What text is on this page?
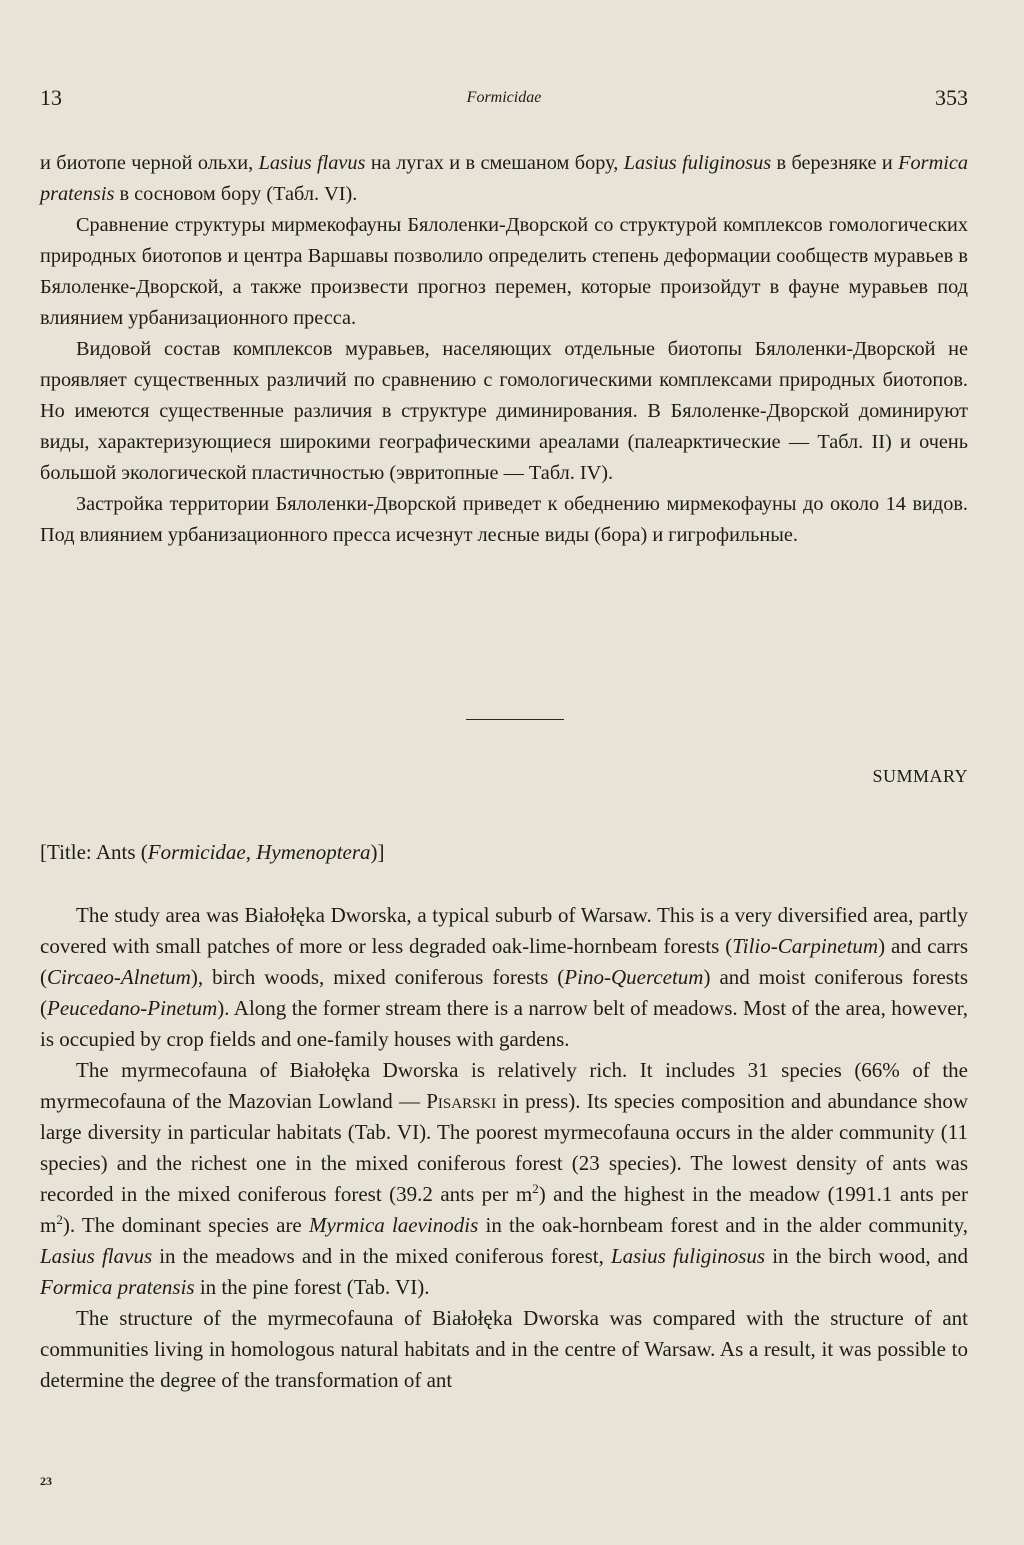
13	Formicidae	353

и биотопе черной ольхи, Lasius flavus на лугах и в смешаном бору, Lasius fuliginosus в березняке и Formica pratensis в сосновом бору (Табл. VI).

Сравнение структуры мирмекофауны Бялоленки-Дворской со структурой комплексов гомологических природных биотопов и центра Варшавы позволило определить степень деформации сообществ муравьев в Бялоленке-Дворской, а также произвести прогноз перемен, которые произойдут в фауне муравьев под влиянием урбанизационного пресса.

Видовой состав комплексов муравьев, населяющих отдельные биотопы Бялоленки-Дворской не проявляет существенных различий по сравнению с гомологическими комплексами природных биотопов. Но имеются существенные различия в структуре диминирования. В Бялоленке-Дворской доминируют виды, характеризующиеся широкими географическими ареалами (палеарктические — Табл. II) и очень большой экологической пластичностью (эвритопные — Табл. IV).

Застройка территории Бялоленки-Дворской приведет к обеднению мирмекофауны до около 14 видов. Под влиянием урбанизационного пресса исчезнут лесные виды (бора) и гигрофильные.

SUMMARY
[Title: Ants (Formicidae, Hymenoptera)]

The study area was Białołęka Dworska, a typical suburb of Warsaw. This is a very diversified area, partly covered with small patches of more or less degraded oak-lime-hornbeam forests (Tilio-Carpinetum) and carrs (Circaeo-Alnetum), birch woods, mixed coniferous forests (Pino-Quercetum) and moist coniferous forests (Peucedano-Pinetum). Along the former stream there is a narrow belt of meadows. Most of the area, however, is occupied by crop fields and one-family houses with gardens.

The myrmecofauna of Białołęka Dworska is relatively rich. It includes 31 species (66% of the myrmecofauna of the Mazovian Lowland — Pisarski in press). Its species composition and abundance show large diversity in particular habitats (Tab. VI). The poorest myrmecofauna occurs in the alder community (11 species) and the richest one in the mixed coniferous forest (23 species). The lowest density of ants was recorded in the mixed coniferous forest (39.2 ants per $m^2$) and the highest in the meadow (1991.1 ants per $m^2$). The dominant species are Myrmica laevinodis in the oak-hornbeam forest and in the alder community, Lasius flavus in the meadows and in the mixed coniferous forest, Lasius fuliginosus in the birch wood, and Formica pratensis in the pine forest (Tab. VI).

The structure of the myrmecofauna of Białołęka Dworska was compared with the structure of ant communities living in homologous natural habitats and in the centre of Warsaw. As a result, it was possible to determine the degree of the transformation of ant

23
